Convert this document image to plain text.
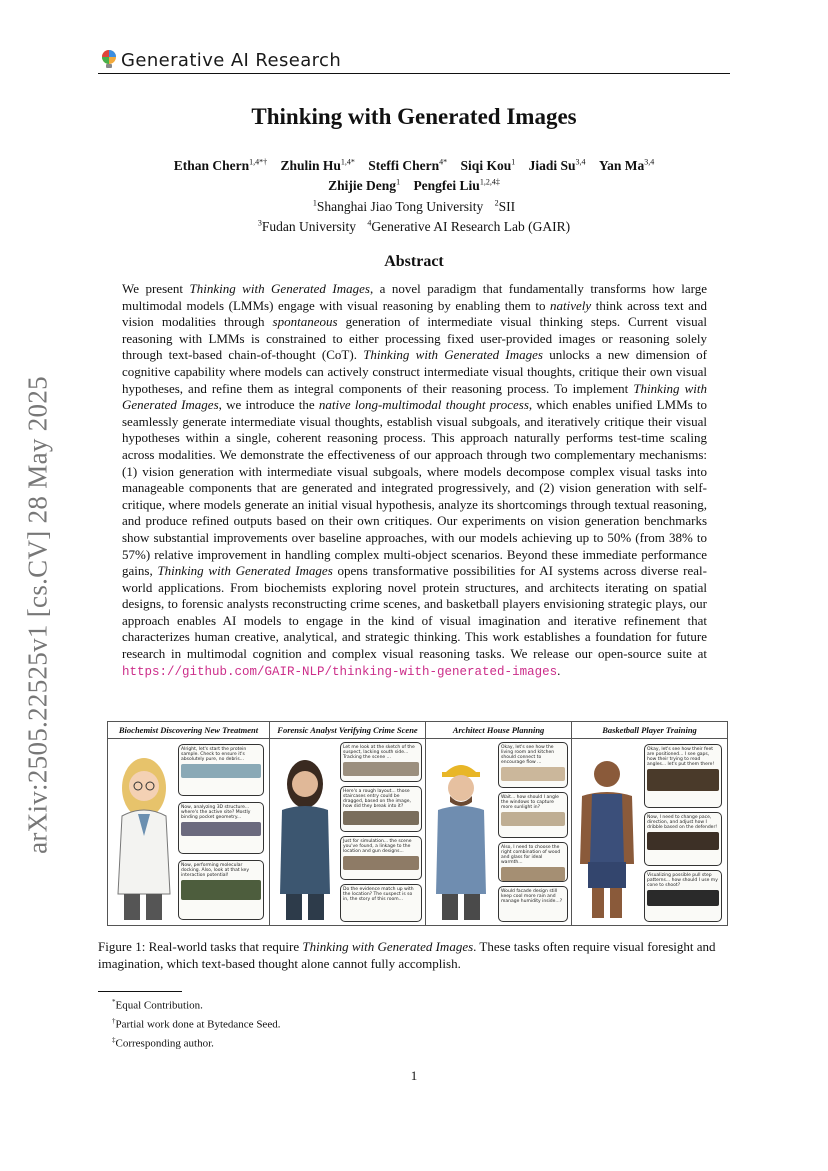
Generative AI Research
arXiv:2505.22525v1 [cs.CV] 28 May 2025
Thinking with Generated Images
Ethan Chern$^{1,4*\dagger}$ Zhulin $Hu^{1,4*}$ Steffi Chern$^{4*}$ Siqi Kou$^1$ Jiadi Su$^{3,4}$ Yan Ma$^{3,4}$
Zhijie Deng$^1$ Pengfei Liu$^{1,2,4\ddagger}$
$^1$Shanghai Jiao Tong University $^2$SII
$^3$Fudan University $^4$Generative AI Research Lab (GAIR)
Abstract
We present Thinking with Generated Images, a novel paradigm that fundamentally transforms how large multimodal models (LMMs) engage with visual reasoning by enabling them to natively think across text and vision modalities through spontaneous generation of intermediate visual thinking steps. Current visual reasoning with LMMs is constrained to either processing fixed user-provided images or reasoning solely through text-based chain-of-thought (CoT). Thinking with Generated Images unlocks a new dimension of cognitive capability where models can actively construct intermediate visual thoughts, critique their own visual hypotheses, and refine them as integral components of their reasoning process. To implement Thinking with Generated Images, we introduce the native long-multimodal thought process, which enables unified LMMs to seamlessly generate intermediate visual thoughts, establish visual subgoals, and iteratively critique their visual hypotheses within a single, coherent reasoning process. This approach naturally performs test-time scaling across modalities. We demonstrate the effectiveness of our approach through two complementary mechanisms: (1) vision generation with intermediate visual subgoals, where models decompose complex visual tasks into manageable components that are generated and integrated progressively, and (2) vision generation with self-critique, where models generate an initial visual hypothesis, analyze its shortcomings through textual reasoning, and produce refined outputs based on their own critiques. Our experiments on vision generation benchmarks show substantial improvements over baseline approaches, with our models achieving up to 50% (from 38% to 57%) relative improvement in handling complex multi-object scenarios. Beyond these immediate performance gains, Thinking with Generated Images opens transformative possibilities for AI systems across diverse real-world applications. From biochemists exploring novel protein structures, and architects iterating on spatial designs, to forensic analysts reconstructing crime scenes, and basketball players envisioning strategic plays, our approach enables AI models to engage in the kind of visual imagination and iterative refinement that characterizes human creative, analytical, and strategic thinking. This work establishes a foundation for future research in multimodal cognition and complex visual reasoning tasks. We release our open-source suite at https://github.com/GAIR-NLP/thinking-with-generated-images.
Biochemist Discovering New Treatment
Alright, let's start the protein sample. Check to ensure it's absolutely pure, no debris...
Now, analyzing 3D structure... where's the active site? Mostly binding pocket geometry...
Now, performing molecular docking. Also, look at that key interaction potential!
Forensic Analyst Verifying Crime Scene
Let me look at the sketch of the suspect, lacking south side... Tracking the scene ...
Here's a rough layout... those staircases entry could be dragged, based on the image, how did they break into it?
Just for simulation... the scene you've found, a linkage to the location and gun designs...
Do the evidence match up with the location? The suspect is so in, the story of this room...
Architect House Planning
Okay, let's see how the living room and kitchen should connect to encourage flow ...
Wait... how should I angle the windows to capture more sunlight in?
Also, I need to choose the right combination of wood and glass for ideal warmth...
Would facade design still keep cool more rain and manage humidity inside...?
Basketball Player Training
Okay, let's see how their feet are positioned... I see gaps, how their trying to read angles... let's put them there!
Now, I need to change pace, direction, and adjust how I dribble based on the defender!
Visualizing possible pull step patterns... how should I use my cone to shoot?
Figure 1: Real-world tasks that require Thinking with Generated Images. These tasks often require visual foresight and imagination, which text-based thought alone cannot fully accomplish.
*Equal Contribution.
†Partial work done at Bytedance Seed.
‡Corresponding author.
1
